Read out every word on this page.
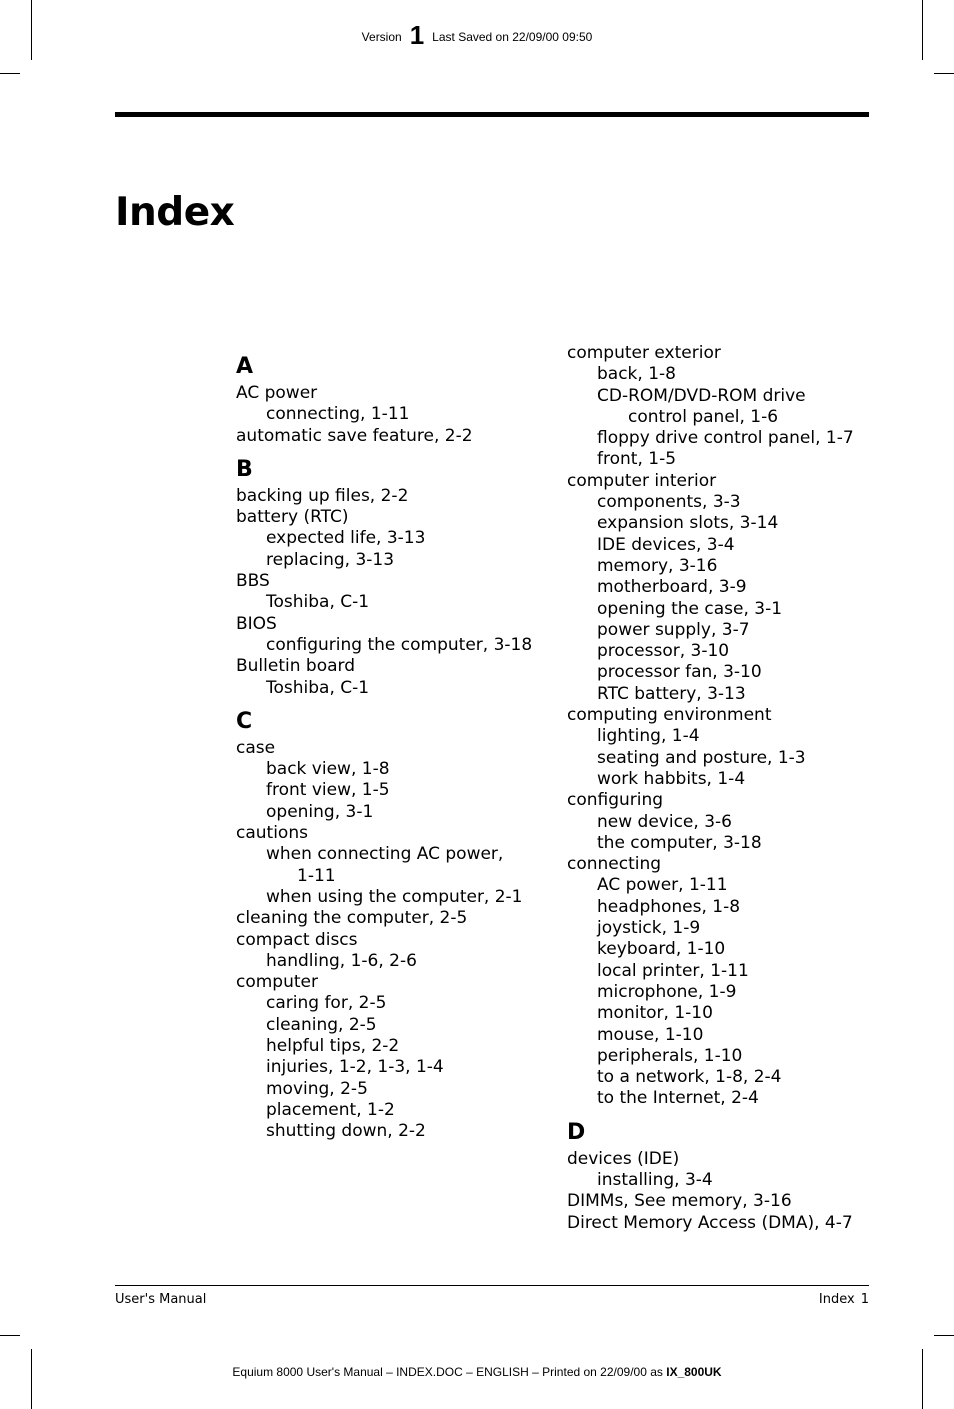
Version 1 Last Saved on 22/09/00 09:50
Index
A
AC power
connecting, 1-11
automatic save feature, 2-2
B
backing up files, 2-2
battery (RTC)
expected life, 3-13
replacing, 3-13
BBS
Toshiba, C-1
BIOS
configuring the computer, 3-18
Bulletin board
Toshiba, C-1
C
case
back view, 1-8
front view, 1-5
opening, 3-1
cautions
when connecting AC power,
1-11
when using the computer, 2-1
cleaning the computer, 2-5
compact discs
handling, 1-6, 2-6
computer
caring for, 2-5
cleaning, 2-5
helpful tips, 2-2
injuries, 1-2, 1-3, 1-4
moving, 2-5
placement, 1-2
shutting down, 2-2
computer exterior
back, 1-8
CD-ROM/DVD-ROM drive
control panel, 1-6
floppy drive control panel, 1-7
front, 1-5
computer interior
components, 3-3
expansion slots, 3-14
IDE devices, 3-4
memory, 3-16
motherboard, 3-9
opening the case, 3-1
power supply, 3-7
processor, 3-10
processor fan, 3-10
RTC battery, 3-13
computing environment
lighting, 1-4
seating and posture, 1-3
work habbits, 1-4
configuring
new device, 3-6
the computer, 3-18
connecting
AC power, 1-11
headphones, 1-8
joystick, 1-9
keyboard, 1-10
local printer, 1-11
microphone, 1-9
monitor, 1-10
mouse, 1-10
peripherals, 1-10
to a network, 1-8, 2-4
to the Internet, 2-4
D
devices (IDE)
installing, 3-4
DIMMs, See memory, 3-16
Direct Memory Access (DMA), 4-7
User's Manual	Index 1
Equium 8000 User's Manual – INDEX.DOC – ENGLISH – Printed on 22/09/00 as IX_800UK
